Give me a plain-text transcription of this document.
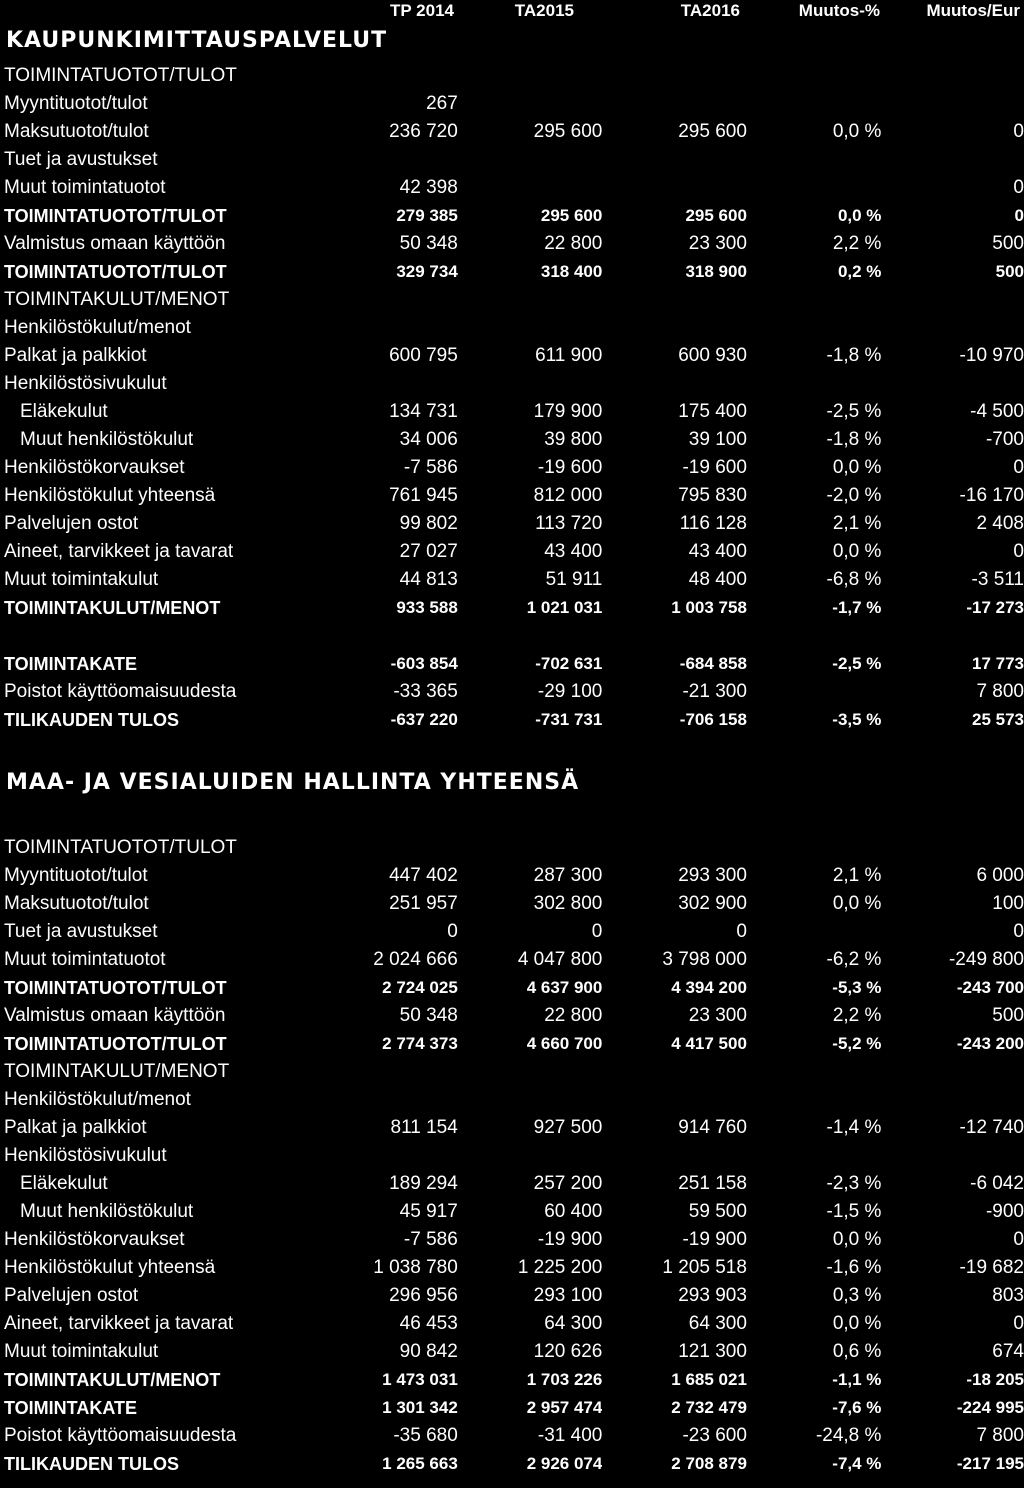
TP 2014	TA2015	TA2016	Muutos-%	Muutos/Eur
KAUPUNKIMITTAUSPALVELUT
TOIMINTATUOTOT/TULOT					
Myyntituotot/tulot	267				
Maksutuotot/tulot	236 720	295 600	295 600	0,0 %	0
Tuet ja avustukset					
Muut toimintatuotot	42 398				0
TOIMINTATUOTOT/TULOT	279 385	295 600	295 600	0,0 %	0
Valmistus omaan käyttöön	50 348	22 800	23 300	2,2 %	500
TOIMINTATUOTOT/TULOT	329 734	318 400	318 900	0,2 %	500
TOIMINTAKULUT/MENOT					
Henkilöstökulut/menot					
Palkat ja palkkiot	600 795	611 900	600 930	-1,8 %	-10 970
Henkilöstösivukulut					
Eläkekulut	134 731	179 900	175 400	-2,5 %	-4 500
Muut henkilöstökulut	34 006	39 800	39 100	-1,8 %	-700
Henkilöstökorvaukset	-7 586	-19 600	-19 600	0,0 %	0
Henkilöstökulut yhteensä	761 945	812 000	795 830	-2,0 %	-16 170
Palvelujen ostot	99 802	113 720	116 128	2,1 %	2 408
Aineet, tarvikkeet ja tavarat	27 027	43 400	43 400	0,0 %	0
Muut toimintakulut	44 813	51 911	48 400	-6,8 %	-3 511
TOIMINTAKULUT/MENOT	933 588	1 021 031	1 003 758	-1,7 %	-17 273

TOIMINTAKATE	-603 854	-702 631	-684 858	-2,5 %	17 773
Poistot käyttöomaisuudesta	-33 365	-29 100	-21 300		7 800
TILIKAUDEN TULOS	-637 220	-731 731	-706 158	-3,5 %	25 573
MAA- JA VESIALUIDEN HALLINTA YHTEENSÄ
TOIMINTATUOTOT/TULOT					
Myyntituotot/tulot	447 402	287 300	293 300	2,1 %	6 000
Maksutuotot/tulot	251 957	302 800	302 900	0,0 %	100
Tuet ja avustukset	0	0	0		0
Muut toimintatuotot	2 024 666	4 047 800	3 798 000	-6,2 %	-249 800
TOIMINTATUOTOT/TULOT	2 724 025	4 637 900	4 394 200	-5,3 %	-243 700
Valmistus omaan käyttöön	50 348	22 800	23 300	2,2 %	500
TOIMINTATUOTOT/TULOT	2 774 373	4 660 700	4 417 500	-5,2 %	-243 200
TOIMINTAKULUT/MENOT					
Henkilöstökulut/menot					
Palkat ja palkkiot	811 154	927 500	914 760	-1,4 %	-12 740
Henkilöstösivukulut					
Eläkekulut	189 294	257 200	251 158	-2,3 %	-6 042
Muut henkilöstökulut	45 917	60 400	59 500	-1,5 %	-900
Henkilöstökorvaukset	-7 586	-19 900	-19 900	0,0 %	0
Henkilöstökulut yhteensä	1 038 780	1 225 200	1 205 518	-1,6 %	-19 682
Palvelujen ostot	296 956	293 100	293 903	0,3 %	803
Aineet, tarvikkeet ja tavarat	46 453	64 300	64 300	0,0 %	0
Muut toimintakulut	90 842	120 626	121 300	0,6 %	674
TOIMINTAKULUT/MENOT	1 473 031	1 703 226	1 685 021	-1,1 %	-18 205
TOIMINTAKATE	1 301 342	2 957 474	2 732 479	-7,6 %	-224 995
Poistot käyttöomaisuudesta	-35 680	-31 400	-23 600	-24,8 %	7 800
TILIKAUDEN TULOS	1 265 663	2 926 074	2 708 879	-7,4 %	-217 195
